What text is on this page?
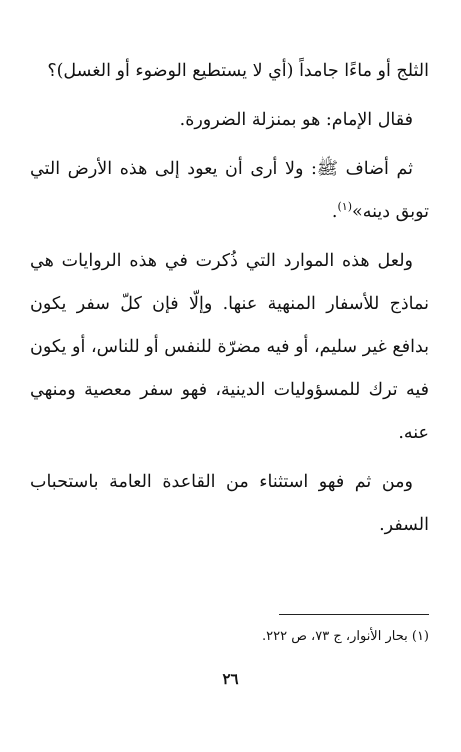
الثلج أو ماءًا جامداً (أي لا يستطيع الوضوء أو الغسل)؟

فقال الإمام: هو بمنزلة الضرورة.

ثم أضاف ﷺ: ولا أرى أن يعود إلى هذه الأرض التي توبق دينه»$^{(١)}$.

ولعل هذه الموارد التي ذُكرت في هذه الروايات هي نماذج للأسفار المنهية عنها. وإلّا فإن كلّ سفر يكون بدافع غير سليم، أو فيه مضرّة للنفس أو للناس، أو يكون فيه ترك للمسؤوليات الدينية، فهو سفر معصية ومنهي عنه.

ومن ثم فهو استثناء من القاعدة العامة باستحباب السفر.

(١) بحار الأنوار، ج ٧٣، ص ٢٢٢.
٢٦
